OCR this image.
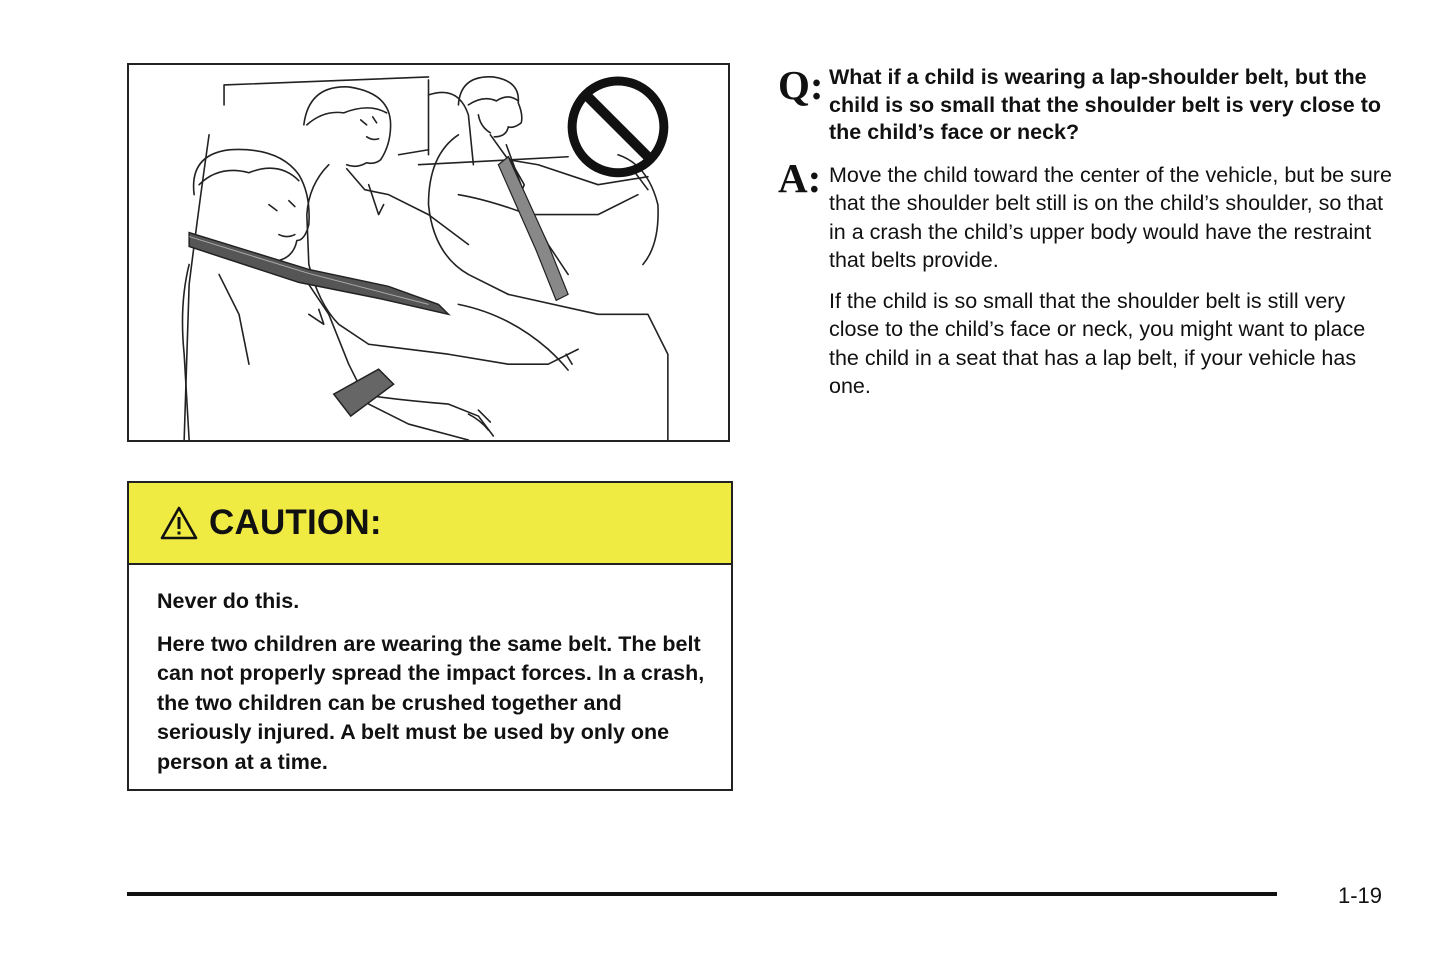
CAUTION:

Never do this.

Here two children are wearing the same belt. The belt can not properly spread the impact forces. In a crash, the two children can be crushed together and seriously injured. A belt must be used by only one person at a time.

Q: What if a child is wearing a lap-shoulder belt, but the child is so small that the shoulder belt is very close to the child’s face or neck?

A: Move the child toward the center of the vehicle, but be sure that the shoulder belt still is on the child’s shoulder, so that in a crash the child’s upper body would have the restraint that belts provide.

If the child is so small that the shoulder belt is still very close to the child’s face or neck, you might want to place the child in a seat that has a lap belt, if your vehicle has one.

1-19
